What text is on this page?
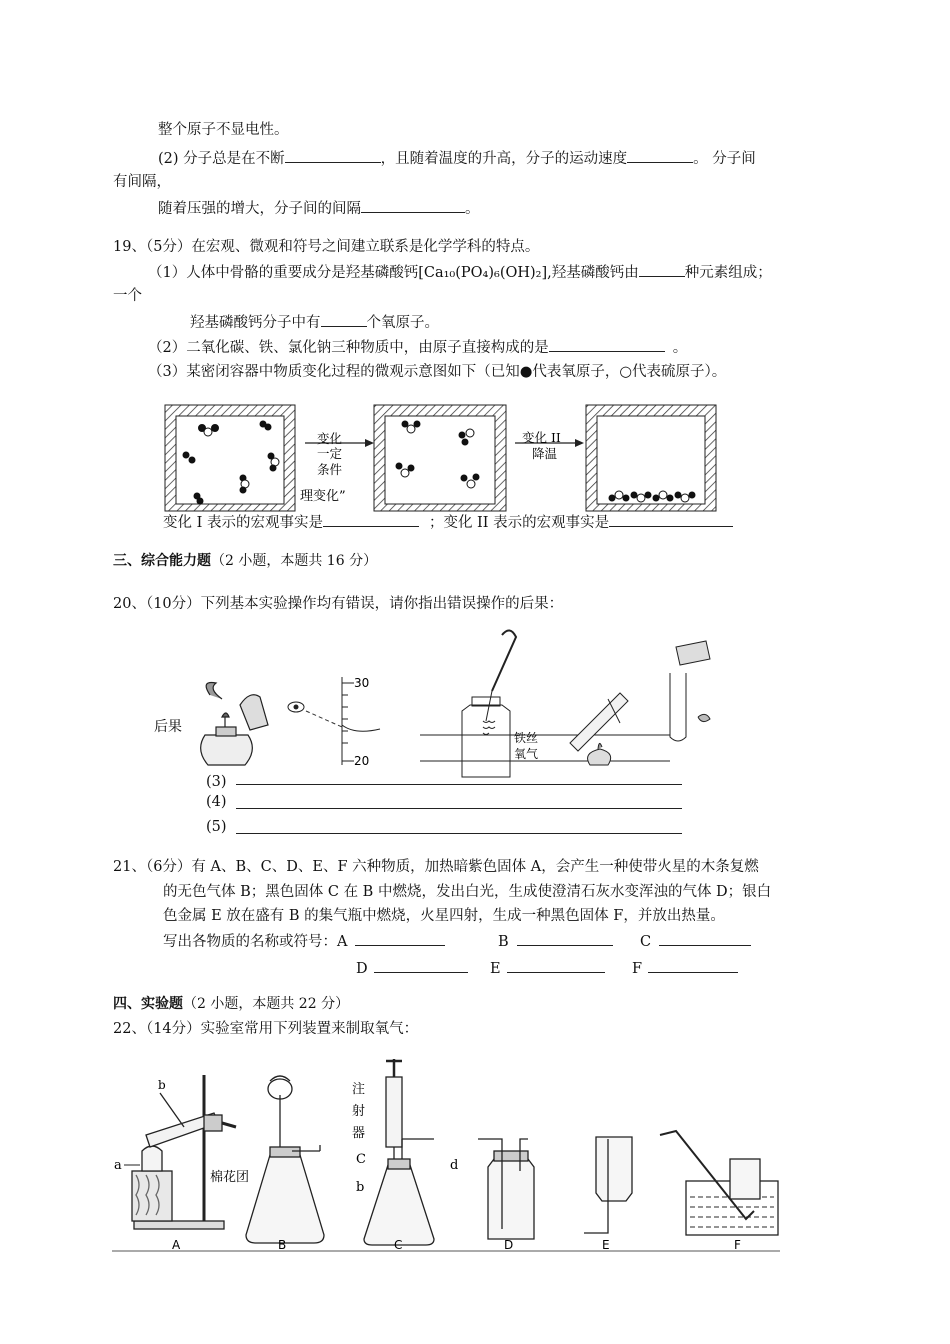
整个原子不显电性。
(2) 分子总是在不断	，且随着温度的升高，分子的运动速度	。 分子间
有间隔，
随着压强的增大，分子间的间隔	。
19、（5分）在宏观、微观和符号之间建立联系是化学学科的特点。
（1）人体中骨骼的重要成分是羟基磷酸钙[Ca₁₀(PO₄)₆(OH)₂],羟基磷酸钙由	种元素组成；
一个
羟基磷酸钙分子中有	个氧原子。
（2）二氧化碳、铁、氯化钠三种物质中，由原子直接构成的是	。
（3）某密闭容器中物质变化过程的微观示意图如下（已知●代表氧原子，○代表硫原子）。
变化
一定
条件
理变化”
变化 II
降温
变化 I 表示的宏观事实是	；变化 II 表示的宏观事实是
三、综合能力题（2 小题，本题共 16 分）
20、（10分）下列基本实验操作均有错误，请你指出错误操作的后果：
后果
30
20
铁丝
氧气
(3)
(4)
(5)
21、（6分）有 A、B、C、D、E、F 六种物质，加热暗紫色固体 A，会产生一种使带火星的木条复燃
的无色气体 B；黑色固体 C 在 B 中燃烧，发出白光，生成使澄清石灰水变浑浊的气体 D；银白
色金属 E 放在盛有 B 的集气瓶中燃烧，火星四射，生成一种黑色固体 F，并放出热量。
写出各物质的名称或符号：A	B	C
D	E	F
四、实验题（2 小题，本题共 22 分）
22、（14分）实验室常用下列装置来制取氧气：
b
a
棉花团
注
射
器
C
b
d
A	B	C	D	E	F
